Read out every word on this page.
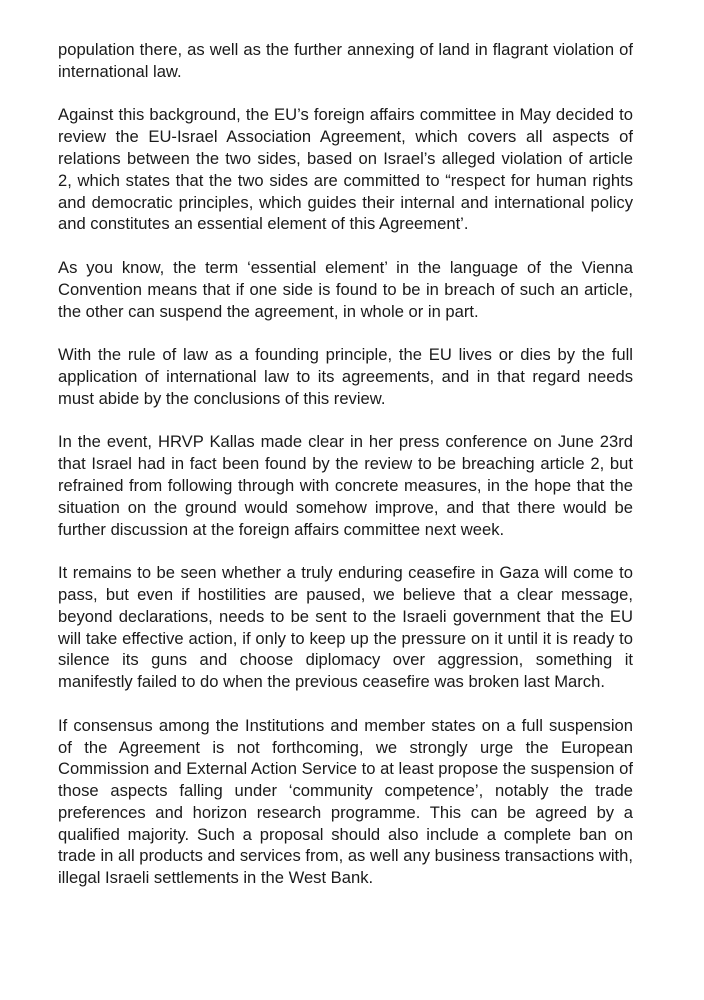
population there, as well as the further annexing of land in flagrant violation of international law.

Against this background, the EU’s foreign affairs committee in May decided to review the EU-Israel Association Agreement, which covers all aspects of relations between the two sides, based on Israel’s alleged violation of article 2, which states that the two sides are committed to “respect for human rights and democratic principles, which guides their internal and international policy and constitutes an essential element of this Agreement’.

As you know, the term ‘essential element’ in the language of the Vienna Convention means that if one side is found to be in breach of such an article, the other can suspend the agreement, in whole or in part.

With the rule of law as a founding principle, the EU lives or dies by the full application of international law to its agreements, and in that regard needs must abide by the conclusions of this review.

In the event, HRVP Kallas made clear in her press conference on June 23rd that Israel had in fact been found by the review to be breaching article 2, but refrained from following through with concrete measures, in the hope that the situation on the ground would somehow improve, and that there would be further discussion at the foreign affairs committee next week.

It remains to be seen whether a truly enduring ceasefire in Gaza will come to pass, but even if hostilities are paused, we believe that a clear message, beyond declarations, needs to be sent to the Israeli government that the EU will take effective action, if only to keep up the pressure on it until it is ready to silence its guns and choose diplomacy over aggression, something it manifestly failed to do when the previous ceasefire was broken last March.

If consensus among the Institutions and member states on a full suspension of the Agreement is not forthcoming, we strongly urge the European Commission and External Action Service to at least propose the suspension of those aspects falling under ‘community competence’, notably the trade preferences and horizon research programme. This can be agreed by a qualified majority. Such a proposal should also include a complete ban on trade in all products and services from, as well any business transactions with, illegal Israeli settlements in the West Bank.
